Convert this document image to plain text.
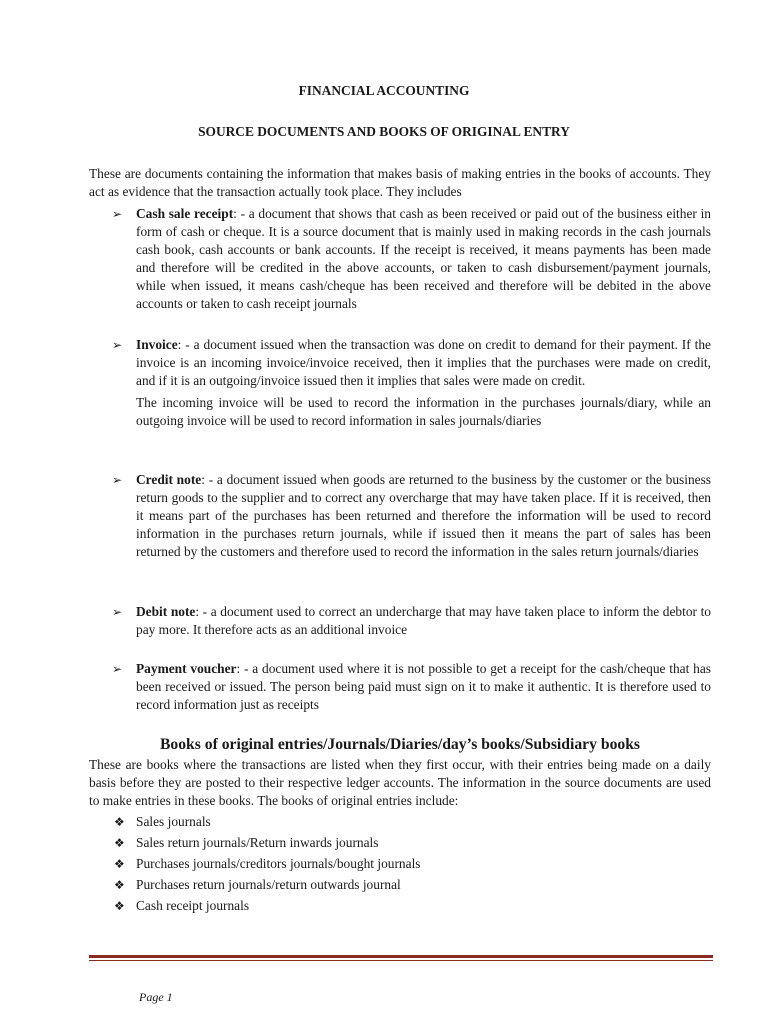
FINANCIAL ACCOUNTING
SOURCE DOCUMENTS AND BOOKS OF ORIGINAL ENTRY

These are documents containing the information that makes basis of making entries in the books of accounts. They act as evidence that the transaction actually took place. They includes

➢	Cash sale receipt: - a document that shows that cash as been received or paid out of the business either in form of cash or cheque. It is a source document that is mainly used in making records in the cash journals cash book, cash accounts or bank accounts. If the receipt is received, it means payments has been made and therefore will be credited in the above accounts, or taken to cash disbursement/payment journals, while when issued, it means cash/cheque has been received and therefore will be debited in the above accounts or taken to cash receipt journals

➢	Invoice: - a document issued when the transaction was done on credit to demand for their payment. If the invoice is an incoming invoice/invoice received, then it implies that the purchases were made on credit, and if it is an outgoing/invoice issued then it implies that sales were made on credit.

The incoming invoice will be used to record the information in the purchases journals/diary, while an outgoing invoice will be used to record information in sales journals/diaries

➢	Credit note: - a document issued when goods are returned to the business by the customer or the business return goods to the supplier and to correct any overcharge that may have taken place. If it is received, then it means part of the purchases has been returned and therefore the information will be used to record information in the purchases return journals, while if issued then it means the part of sales has been returned by the customers and therefore used to record the information in the sales return journals/diaries

➢	Debit note: - a document used to correct an undercharge that may have taken place to inform the debtor to pay more. It therefore acts as an additional invoice

➢	Payment voucher: - a document used where it is not possible to get a receipt for the cash/cheque that has been received or issued. The person being paid must sign on it to make it authentic. It is therefore used to record information just as receipts

Books of original entries/Journals/Diaries/day’s books/Subsidiary books

These are books where the transactions are listed when they first occur, with their entries being made on a daily basis before they are posted to their respective ledger accounts. The information in the source documents are used to make entries in these books. The books of original entries include:

❖ Sales journals
❖ Sales return journals/Return inwards journals
❖ Purchases journals/creditors journals/bought journals
❖ Purchases return journals/return outwards journal
❖ Cash receipt journals
Page 1
